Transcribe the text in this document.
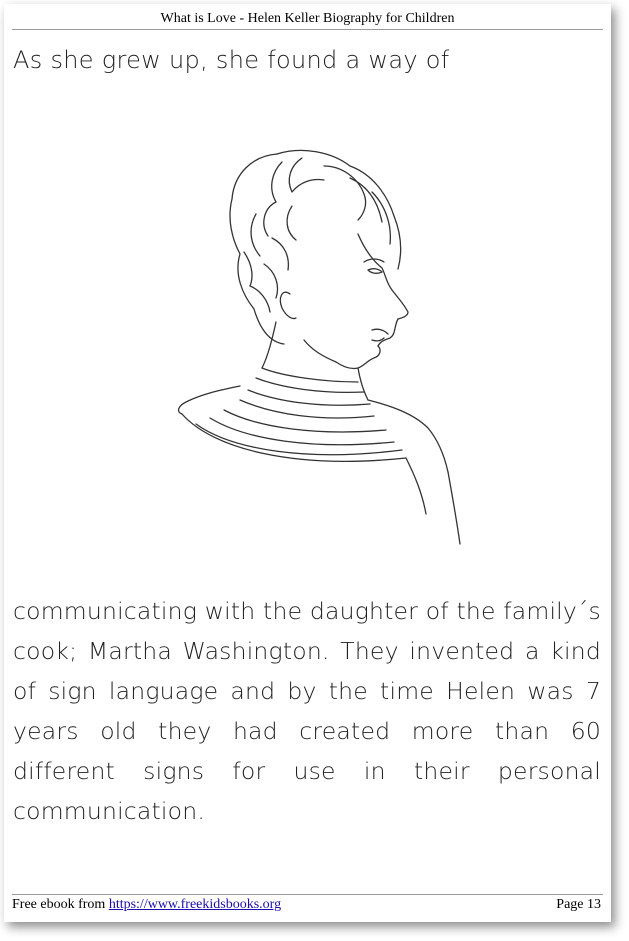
What is Love - Helen Keller Biography for Children
As she grew up, she found a way of
communicating with the daughter of the family´s cook; Martha Washington. They invented a kind of sign language and by the time Helen was 7 years old they had created more than 60 different signs for use in their personal communication.
Free ebook from https://www.freekidsbooks.org	Page 13
